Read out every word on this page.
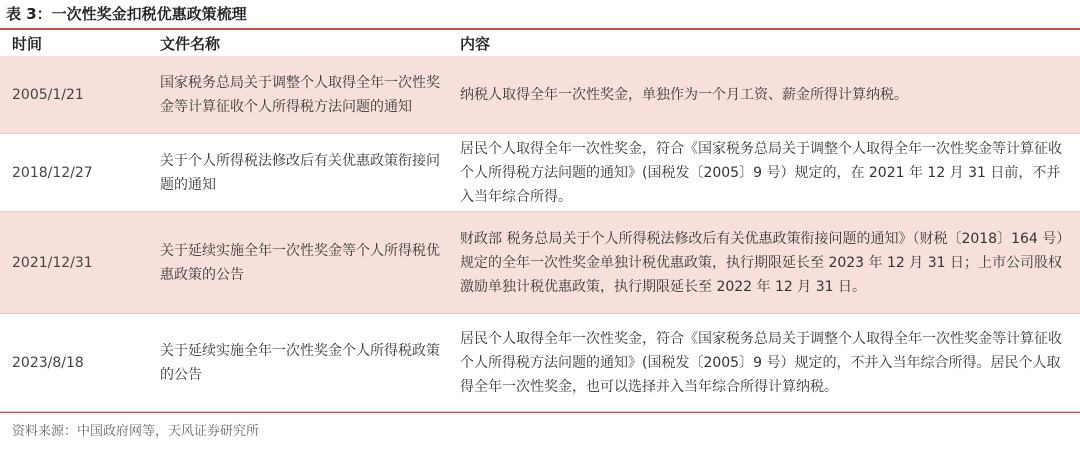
表 3：一次性奖金扣税优惠政策梳理
时间	文件名称	内容
2005/1/21
国家税务总局关于调整个人取得全年一次性奖金等计算征收个人所得税方法问题的通知
纳税人取得全年一次性奖金，单独作为一个月工资、薪金所得计算纳税。
2018/12/27
关于个人所得税法修改后有关优惠政策衔接问题的通知
居民个人取得全年一次性奖金，符合《国家税务总局关于调整个人取得全年一次性奖金等计算征收个人所得税方法问题的通知》(国税发〔2005〕9 号）规定的，在 2021 年 12 月 31 日前，不并入当年综合所得。
2021/12/31
关于延续实施全年一次性奖金等个人所得税优惠政策的公告
财政部 税务总局关于个人所得税法修改后有关优惠政策衔接问题的通知》（财税〔2018〕164 号）规定的全年一次性奖金单独计税优惠政策，执行期限延长至 2023 年 12 月 31 日；上市公司股权激励单独计税优惠政策，执行期限延长至 2022 年 12 月 31 日。
2023/8/18
关于延续实施全年一次性奖金个人所得税政策的公告
居民个人取得全年一次性奖金，符合《国家税务总局关于调整个人取得全年一次性奖金等计算征收个人所得税方法问题的通知》(国税发〔2005〕9 号）规定的，不并入当年综合所得。居民个人取得全年一次性奖金，也可以选择并入当年综合所得计算纳税。
资料来源：中国政府网等，天风证券研究所
